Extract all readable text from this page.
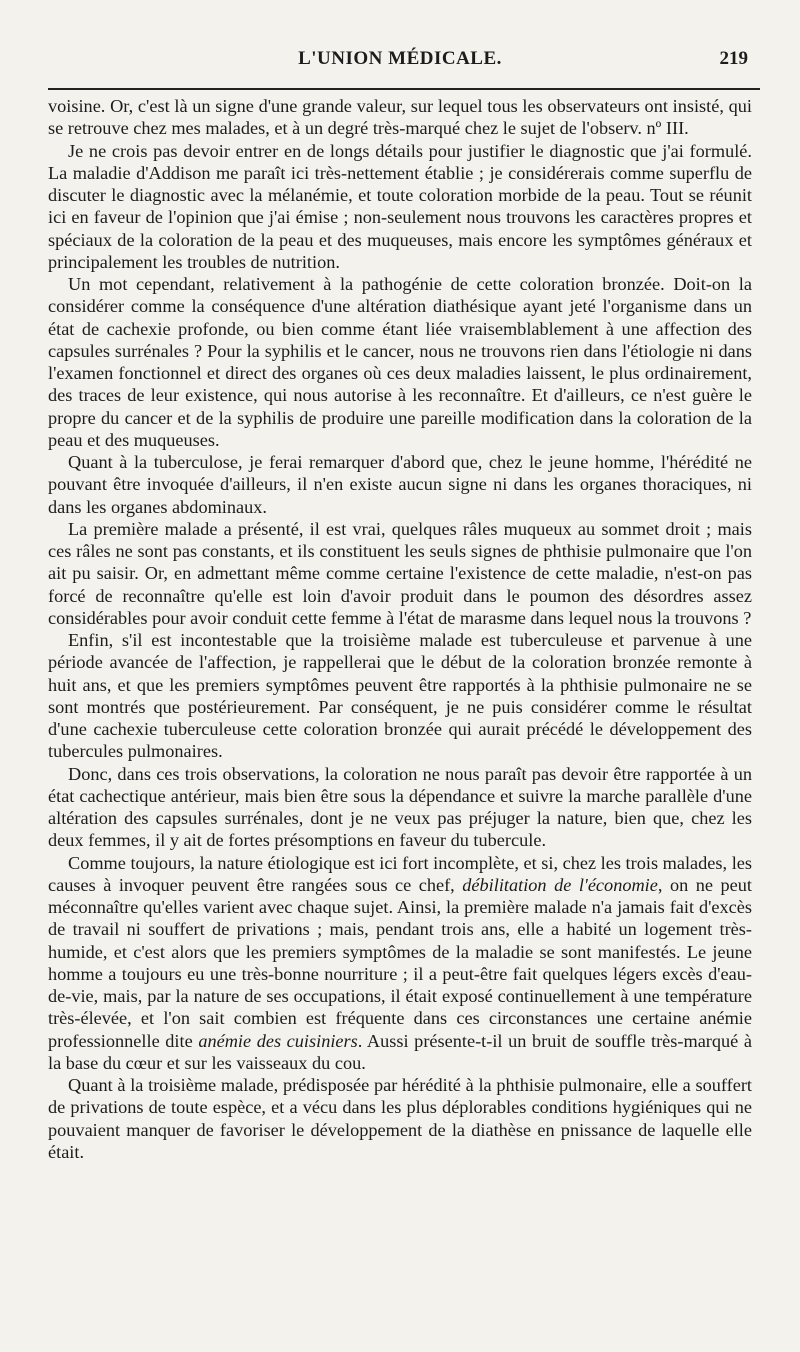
L'UNION MÉDICALE.	219

voisine. Or, c'est là un signe d'une grande valeur, sur lequel tous les observateurs ont insisté, qui se retrouve chez mes malades, et à un degré très-marqué chez le sujet de l'observ. nº III.

Je ne crois pas devoir entrer en de longs détails pour justifier le diagnostic que j'ai formulé. La maladie d'Addison me paraît ici très-nettement établie ; je considérerais comme superflu de discuter le diagnostic avec la mélanémie, et toute coloration morbide de la peau. Tout se réunit ici en faveur de l'opinion que j'ai émise ; non-seulement nous trouvons les caractères propres et spéciaux de la coloration de la peau et des muqueuses, mais encore les symptômes généraux et principalement les troubles de nutrition.

Un mot cependant, relativement à la pathogénie de cette coloration bronzée. Doit-on la considérer comme la conséquence d'une altération diathésique ayant jeté l'organisme dans un état de cachexie profonde, ou bien comme étant liée vraisemblablement à une affection des capsules surrénales ? Pour la syphilis et le cancer, nous ne trouvons rien dans l'étiologie ni dans l'examen fonctionnel et direct des organes où ces deux maladies laissent, le plus ordinairement, des traces de leur existence, qui nous autorise à les reconnaître. Et d'ailleurs, ce n'est guère le propre du cancer et de la syphilis de produire une pareille modification dans la coloration de la peau et des muqueuses.

Quant à la tuberculose, je ferai remarquer d'abord que, chez le jeune homme, l'hérédité ne pouvant être invoquée d'ailleurs, il n'en existe aucun signe ni dans les organes thoraciques, ni dans les organes abdominaux.

La première malade a présenté, il est vrai, quelques râles muqueux au sommet droit ; mais ces râles ne sont pas constants, et ils constituent les seuls signes de phthisie pulmonaire que l'on ait pu saisir. Or, en admettant même comme certaine l'existence de cette maladie, n'est-on pas forcé de reconnaître qu'elle est loin d'avoir produit dans le poumon des désordres assez considérables pour avoir conduit cette femme à l'état de marasme dans lequel nous la trouvons ?

Enfin, s'il est incontestable que la troisième malade est tuberculeuse et parvenue à une période avancée de l'affection, je rappellerai que le début de la coloration bronzée remonte à huit ans, et que les premiers symptômes peuvent être rapportés à la phthisie pulmonaire ne se sont montrés que postérieurement. Par conséquent, je ne puis considérer comme le résultat d'une cachexie tuberculeuse cette coloration bronzée qui aurait précédé le développement des tubercules pulmonaires.

Donc, dans ces trois observations, la coloration ne nous paraît pas devoir être rapportée à un état cachectique antérieur, mais bien être sous la dépendance et suivre la marche parallèle d'une altération des capsules surrénales, dont je ne veux pas préjuger la nature, bien que, chez les deux femmes, il y ait de fortes présomptions en faveur du tubercule.

Comme toujours, la nature étiologique est ici fort incomplète, et si, chez les trois malades, les causes à invoquer peuvent être rangées sous ce chef, débilitation de l'économie, on ne peut méconnaître qu'elles varient avec chaque sujet. Ainsi, la première malade n'a jamais fait d'excès de travail ni souffert de privations ; mais, pendant trois ans, elle a habité un logement très-humide, et c'est alors que les premiers symptômes de la maladie se sont manifestés. Le jeune homme a toujours eu une très-bonne nourriture ; il a peut-être fait quelques légers excès d'eau-de-vie, mais, par la nature de ses occupations, il était exposé continuellement à une température très-élevée, et l'on sait combien est fréquente dans ces circonstances une certaine anémie professionnelle dite anémie des cuisiniers. Aussi présente-t-il un bruit de souffle très-marqué à la base du cœur et sur les vaisseaux du cou.

Quant à la troisième malade, prédisposée par hérédité à la phthisie pulmonaire, elle a souffert de privations de toute espèce, et a vécu dans les plus déplorables conditions hygiéniques qui ne pouvaient manquer de favoriser le développement de la diathèse en pnissance de laquelle elle était.
